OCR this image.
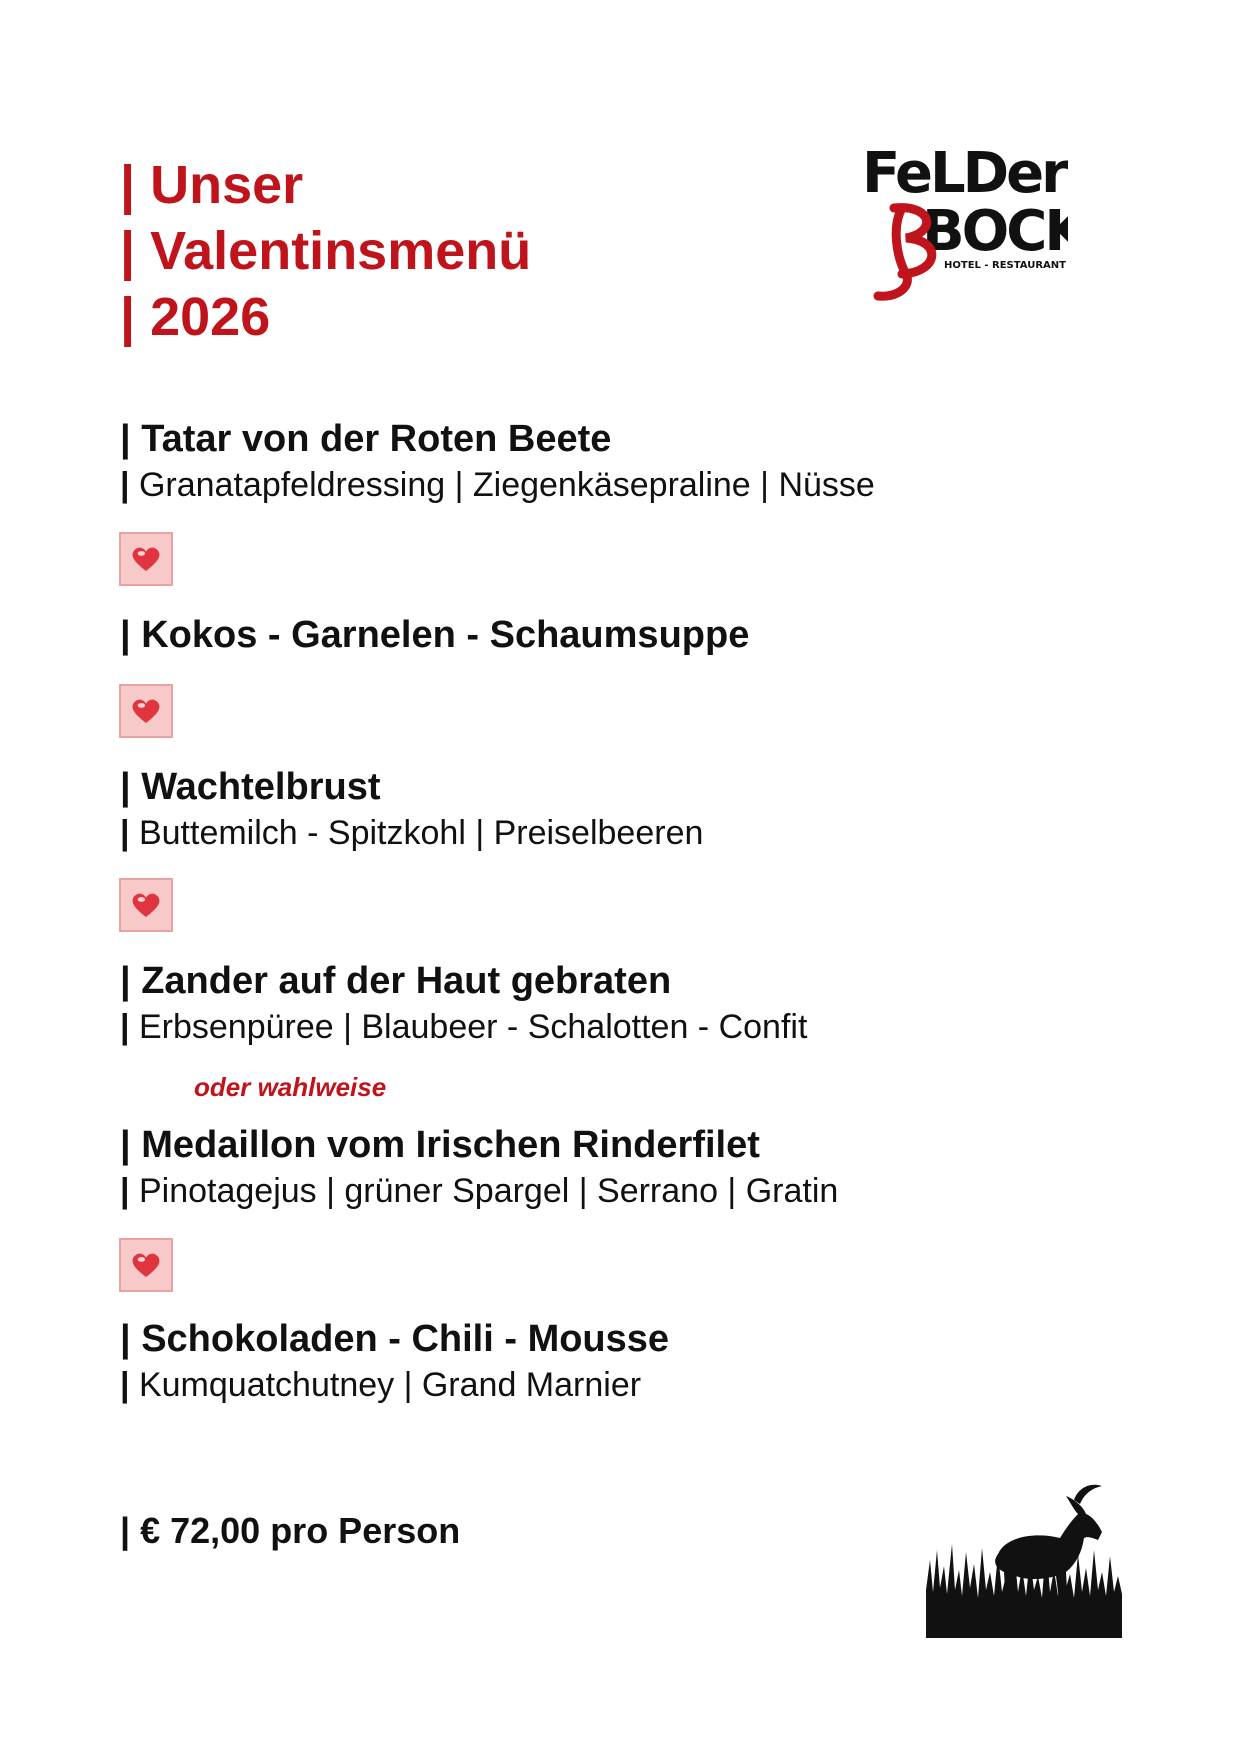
| Unser
| Valentinsmenü
| 2026
FeLDer
BOCK
HOTEL - RESTAURANT
| Tatar von der Roten Beete
| Granatapfeldressing | Ziegenkäsepraline | Nüsse
| Kokos - Garnelen - Schaumsuppe
| Wachtelbrust
| Buttemilch - Spitzkohl | Preiselbeeren
| Zander auf der Haut gebraten
| Erbsenpüree | Blaubeer - Schalotten - Confit
oder wahlweise
| Medaillon vom Irischen Rinderfilet
| Pinotagejus | grüner Spargel | Serrano | Gratin
| Schokoladen - Chili - Mousse
| Kumquatchutney | Grand Marnier
| € 72,00 pro Person
